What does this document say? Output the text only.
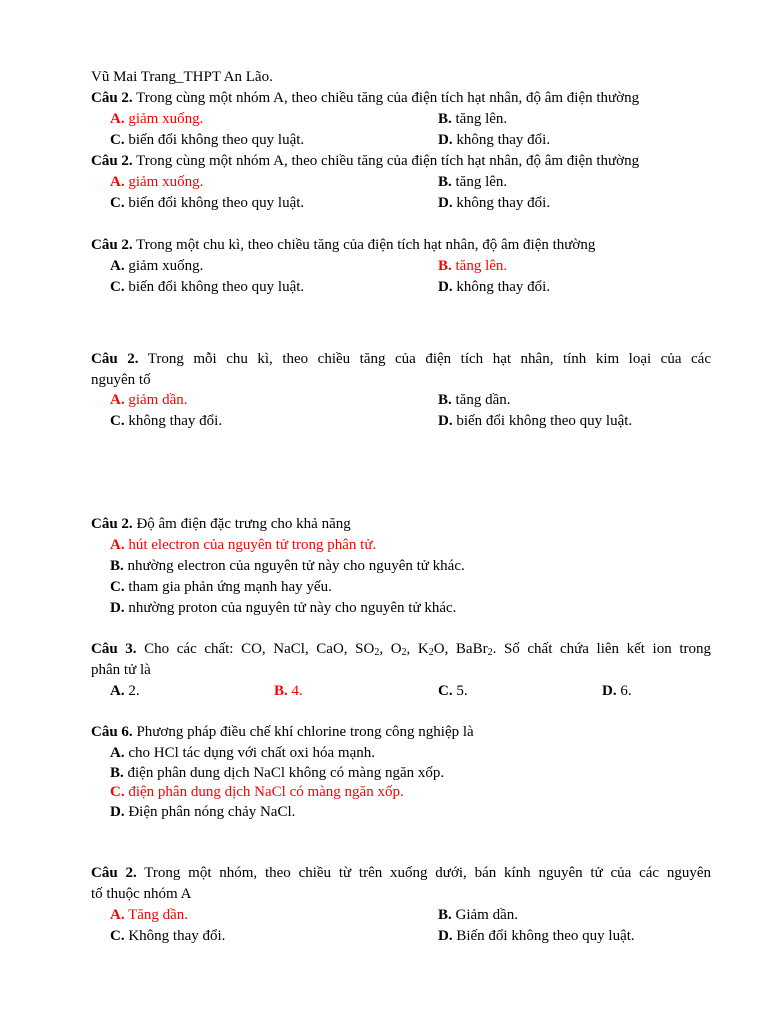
Vũ Mai Trang_THPT An Lão.
Câu 2. Trong cùng một nhóm A, theo chiều tăng của điện tích hạt nhân, độ âm điện thường
A. giảm xuống.	B. tăng lên.
C. biến đổi không theo quy luật.	D. không thay đổi.
Câu 2. Trong cùng một nhóm A, theo chiều tăng của điện tích hạt nhân, độ âm điện thường
A. giảm xuống.	B. tăng lên.
C. biến đổi không theo quy luật.	D. không thay đổi.
Câu 2. Trong một chu kì, theo chiều tăng của điện tích hạt nhân, độ âm điện thường
A. giảm xuống.	B. tăng lên.
C. biến đổi không theo quy luật.	D. không thay đổi.
Câu 2. Trong mỗi chu kì, theo chiều tăng của điện tích hạt nhân, tính kim loại của các
nguyên tố
A. giảm dần.	B. tăng dần.
C. không thay đổi.	D. biến đổi không theo quy luật.
Câu 2. Độ âm điện đặc trưng cho khả năng
A. hút electron của nguyên tử trong phân tử.
B. nhường electron của nguyên tử này cho nguyên tử khác.
C. tham gia phản ứng mạnh hay yếu.
D. nhường proton của nguyên tử này cho nguyên tử khác.
Câu 3. Cho các chất: CO, NaCl, CaO, $SO_2$, $O_2$, $K_2O$, BaBr$_2$. Số chất chứa liên kết ion trong
phân tử là
A. 2.	B. 4.	C. 5.	D. 6.
Câu 6. Phương pháp điều chế khí chlorine trong công nghiệp là
A. cho HCl tác dụng với chất oxi hóa mạnh.
B. điện phân dung dịch NaCl không có màng ngăn xốp.
C. điện phân dung dịch NaCl có màng ngăn xốp.
D. Điện phân nóng chảy NaCl.
Câu 2. Trong một nhóm, theo chiều từ trên xuống dưới, bán kính nguyên tử của các nguyên
tố thuộc nhóm A
A. Tăng dần.	B. Giảm dần.
C. Không thay đổi.	D. Biến đổi không theo quy luật.
